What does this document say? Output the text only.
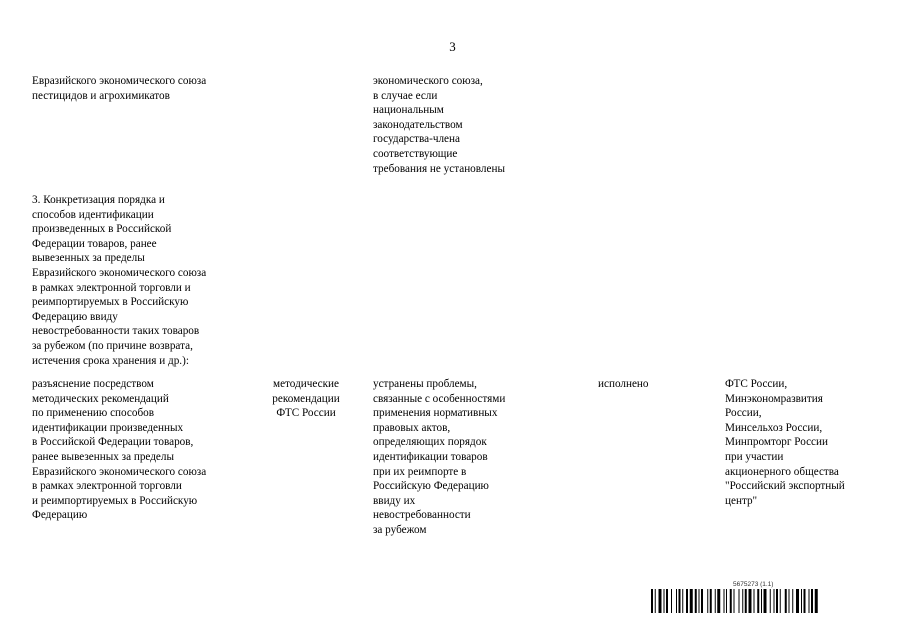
3
Евразийского экономического союза
пестицидов и агрохимикатов
экономического союза,
в случае если
национальным
законодательством
государства-члена
соответствующие
требования не установлены
3. Конкретизация порядка и
способов идентификации
произведенных в Российской
Федерации товаров, ранее
вывезенных за пределы
Евразийского экономического союза
в рамках электронной торговли и
реимпортируемых в Российскую
Федерацию ввиду
невостребованности таких товаров
за рубежом (по причине возврата,
истечения срока хранения и др.):
разъяснение посредством
методических рекомендаций
по применению способов
идентификации произведенных
в Российской Федерации товаров,
ранее вывезенных за пределы
Евразийского экономического союза
в рамках электронной торговли
и реимпортируемых в Российскую
Федерацию
методические
рекомендации
ФТС России
устранены проблемы,
связанные с особенностями
применения нормативных
правовых актов,
определяющих порядок
идентификации товаров
при их реимпорте в
Российскую Федерацию
ввиду их
невостребованности
за рубежом
исполнено	ФТС России,
Минэкономразвития
России,
Минсельхоз России,
Минпромторг России
при участии
акционерного общества
"Российский экспортный
центр"
5675273 (1.1)
